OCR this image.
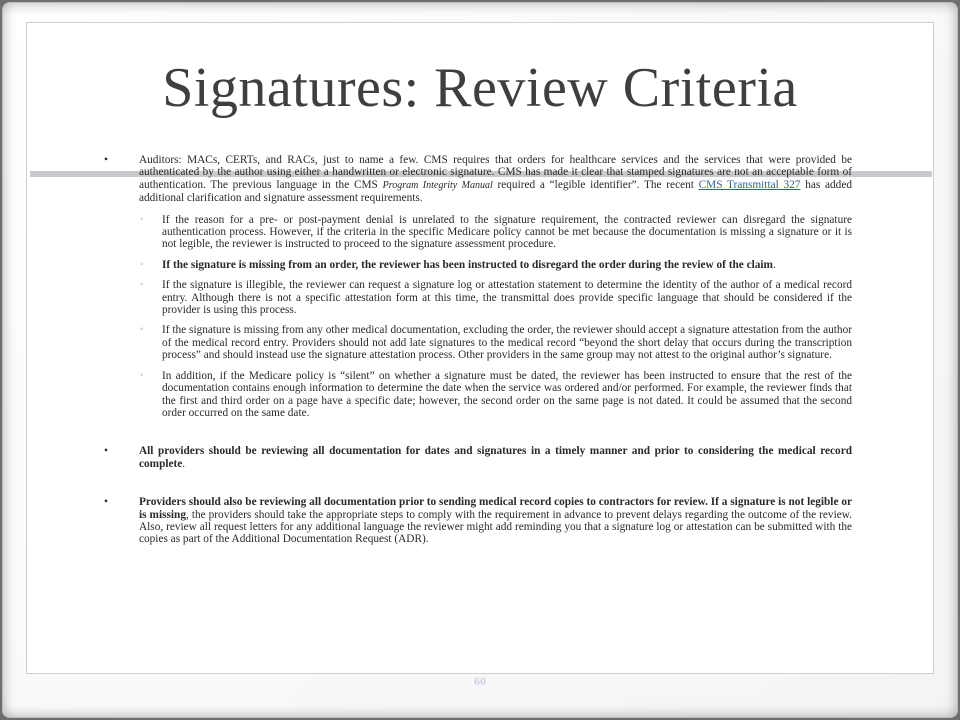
Signatures: Review Criteria

•	Auditors: MACs, CERTs, and RACs, just to name a few. CMS requires that orders for healthcare services and the services that were provided be authenticated by the author using either a handwritten or electronic signature. CMS has made it clear that stamped signatures are not an acceptable form of authentication. The previous language in the CMS Program Integrity Manual required a “legible identifier”. The recent CMS Transmittal 327 has added additional clarification and signature assessment requirements.

◦ If the reason for a pre- or post-payment denial is unrelated to the signature requirement, the contracted reviewer can disregard the signature authentication process. However, if the criteria in the specific Medicare policy cannot be met because the documentation is missing a signature or it is not legible, the reviewer is instructed to proceed to the signature assessment procedure.

◦ If the signature is missing from an order, the reviewer has been instructed to disregard the order during the review of the claim.

◦ If the signature is illegible, the reviewer can request a signature log or attestation statement to determine the identity of the author of a medical record entry. Although there is not a specific attestation form at this time, the transmittal does provide specific language that should be considered if the provider is using this process.

◦ If the signature is missing from any other medical documentation, excluding the order, the reviewer should accept a signature attestation from the author of the medical record entry. Providers should not add late signatures to the medical record “beyond the short delay that occurs during the transcription process” and should instead use the signature attestation process. Other providers in the same group may not attest to the original author’s signature.

◦ In addition, if the Medicare policy is “silent” on whether a signature must be dated, the reviewer has been instructed to ensure that the rest of the documentation contains enough information to determine the date when the service was ordered and/or performed. For example, the reviewer finds that the first and third order on a page have a specific date; however, the second order on the same page is not dated. It could be assumed that the second order occurred on the same date.

•	All providers should be reviewing all documentation for dates and signatures in a timely manner and prior to considering the medical record complete.

•	Providers should also be reviewing all documentation prior to sending medical record copies to contractors for review. If a signature is not legible or is missing, the providers should take the appropriate steps to comply with the requirement in advance to prevent delays regarding the outcome of the review. Also, review all request letters for any additional language the reviewer might add reminding you that a signature log or attestation can be submitted with the copies as part of the Additional Documentation Request (ADR).

60
